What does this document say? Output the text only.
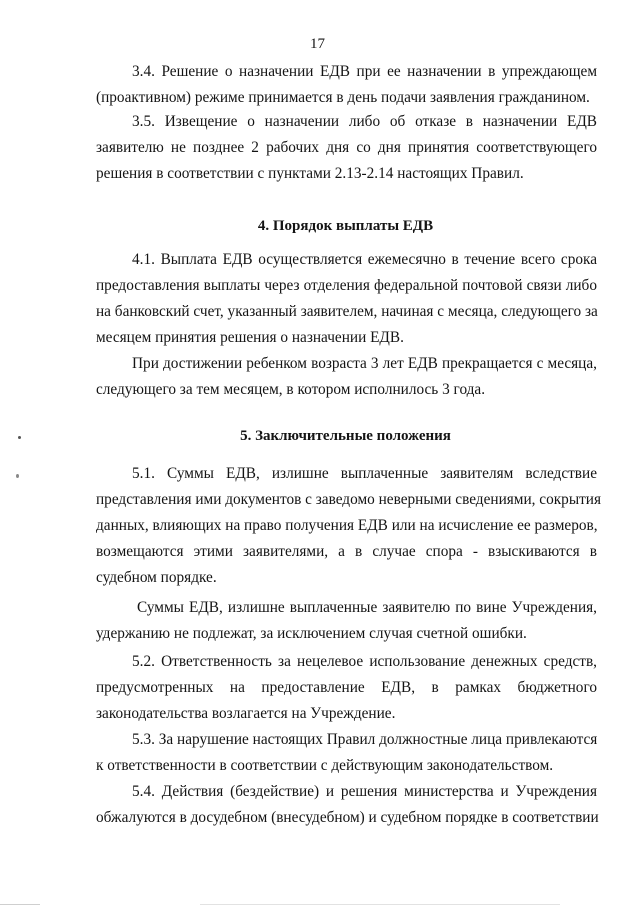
17
3.4. Решение о назначении ЕДВ при ее назначении в упреждающем
(проактивном) режиме принимается в день подачи заявления гражданином.
3.5. Извещение о назначении либо об отказе в назначении ЕДВ
заявителю не позднее 2 рабочих дня со дня принятия соответствующего
решения в соответствии с пунктами 2.13-2.14 настоящих Правил.
4. Порядок выплаты ЕДВ
4.1. Выплата ЕДВ осуществляется ежемесячно в течение всего срока
предоставления выплаты через отделения федеральной почтовой связи либо
на банковский счет, указанный заявителем, начиная с месяца, следующего за
месяцем принятия решения о назначении ЕДВ.
При достижении ребенком возраста 3 лет ЕДВ прекращается с месяца,
следующего за тем месяцем, в котором исполнилось 3 года.
5. Заключительные положения
5.1. Суммы ЕДВ, излишне выплаченные заявителям вследствие
представления ими документов с заведомо неверными сведениями, сокрытия
данных, влияющих на право получения ЕДВ или на исчисление ее размеров,
возмещаются этими заявителями, а в случае спора - взыскиваются в
судебном порядке.
Суммы ЕДВ, излишне выплаченные заявителю по вине Учреждения,
удержанию не подлежат, за исключением случая счетной ошибки.
5.2. Ответственность за нецелевое использование денежных средств,
предусмотренных на предоставление ЕДВ, в рамках бюджетного
законодательства возлагается на Учреждение.
5.3. За нарушение настоящих Правил должностные лица привлекаются
к ответственности в соответствии с действующим законодательством.
5.4. Действия (бездействие) и решения министерства и Учреждения
обжалуются в досудебном (внесудебном) и судебном порядке в соответствии
